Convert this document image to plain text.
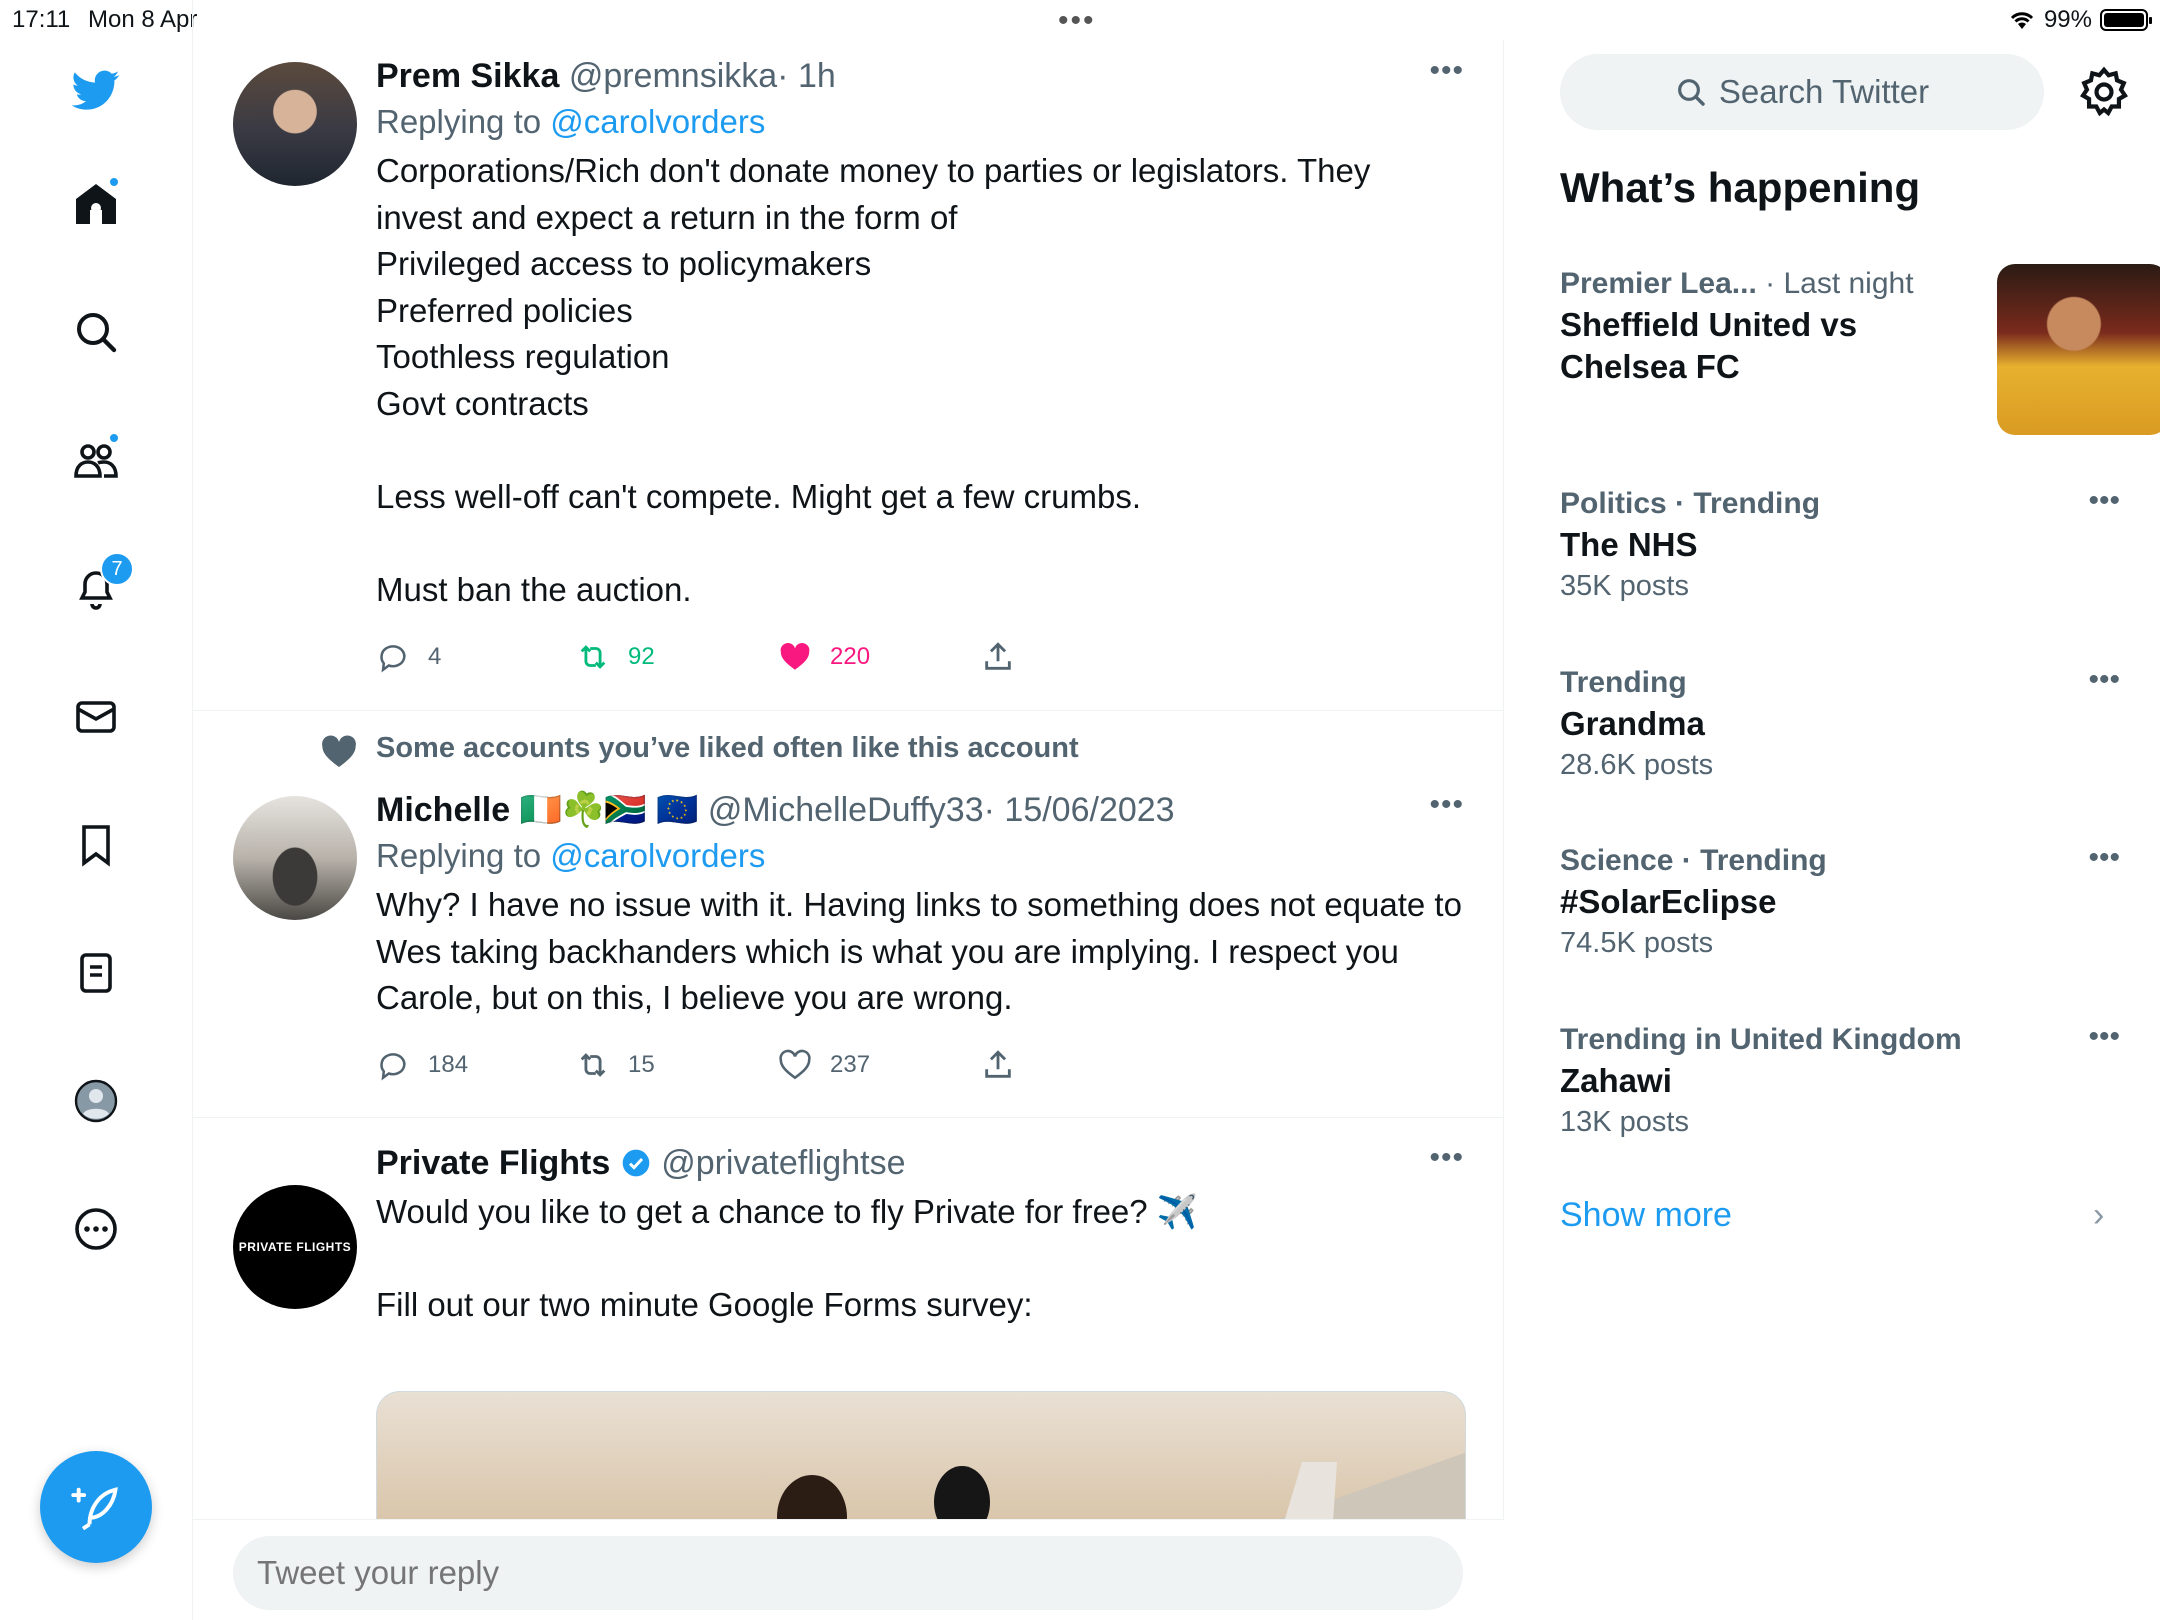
17:11 Mon 8 Apr	•••	99%
7
Prem Sikka @premnsikka· 1h
Replying to @carolvorders
Corporations/Rich don't donate money to parties or legislators. They invest and expect a return in the form of
Privileged access to policymakers
Preferred policies
Toothless regulation
Govt contracts

Less well-off can't compete. Might get a few crumbs.

Must ban the auction.
•••
4	92	220
Some accounts you’ve liked often like this account
Michelle 🇮🇪☘️🇿🇦 🇪🇺 @MichelleDuffy33· 15/06/2023
Replying to @carolvorders
Why? I have no issue with it. Having links to something does not equate to Wes taking backhanders which is what you are implying. I respect you Carole, but on this, I believe you are wrong.
•••
184	15	237
PRIVATE FLIGHTS
Private Flights @privateflightse
Would you like to get a chance to fly Private for free? ✈️

Fill out our two minute Google Forms survey:
•••
Tweet your reply
Search Twitter
What’s happening
Premier Lea... · Last night
Sheffield United vs Chelsea FC
Politics · Trending
The NHS
35K posts
•••
Trending
Grandma
28.6K posts
•••
Science · Trending
#SolarEclipse
74.5K posts
•••
Trending in United Kingdom
Zahawi
13K posts
•••
Show more	›
